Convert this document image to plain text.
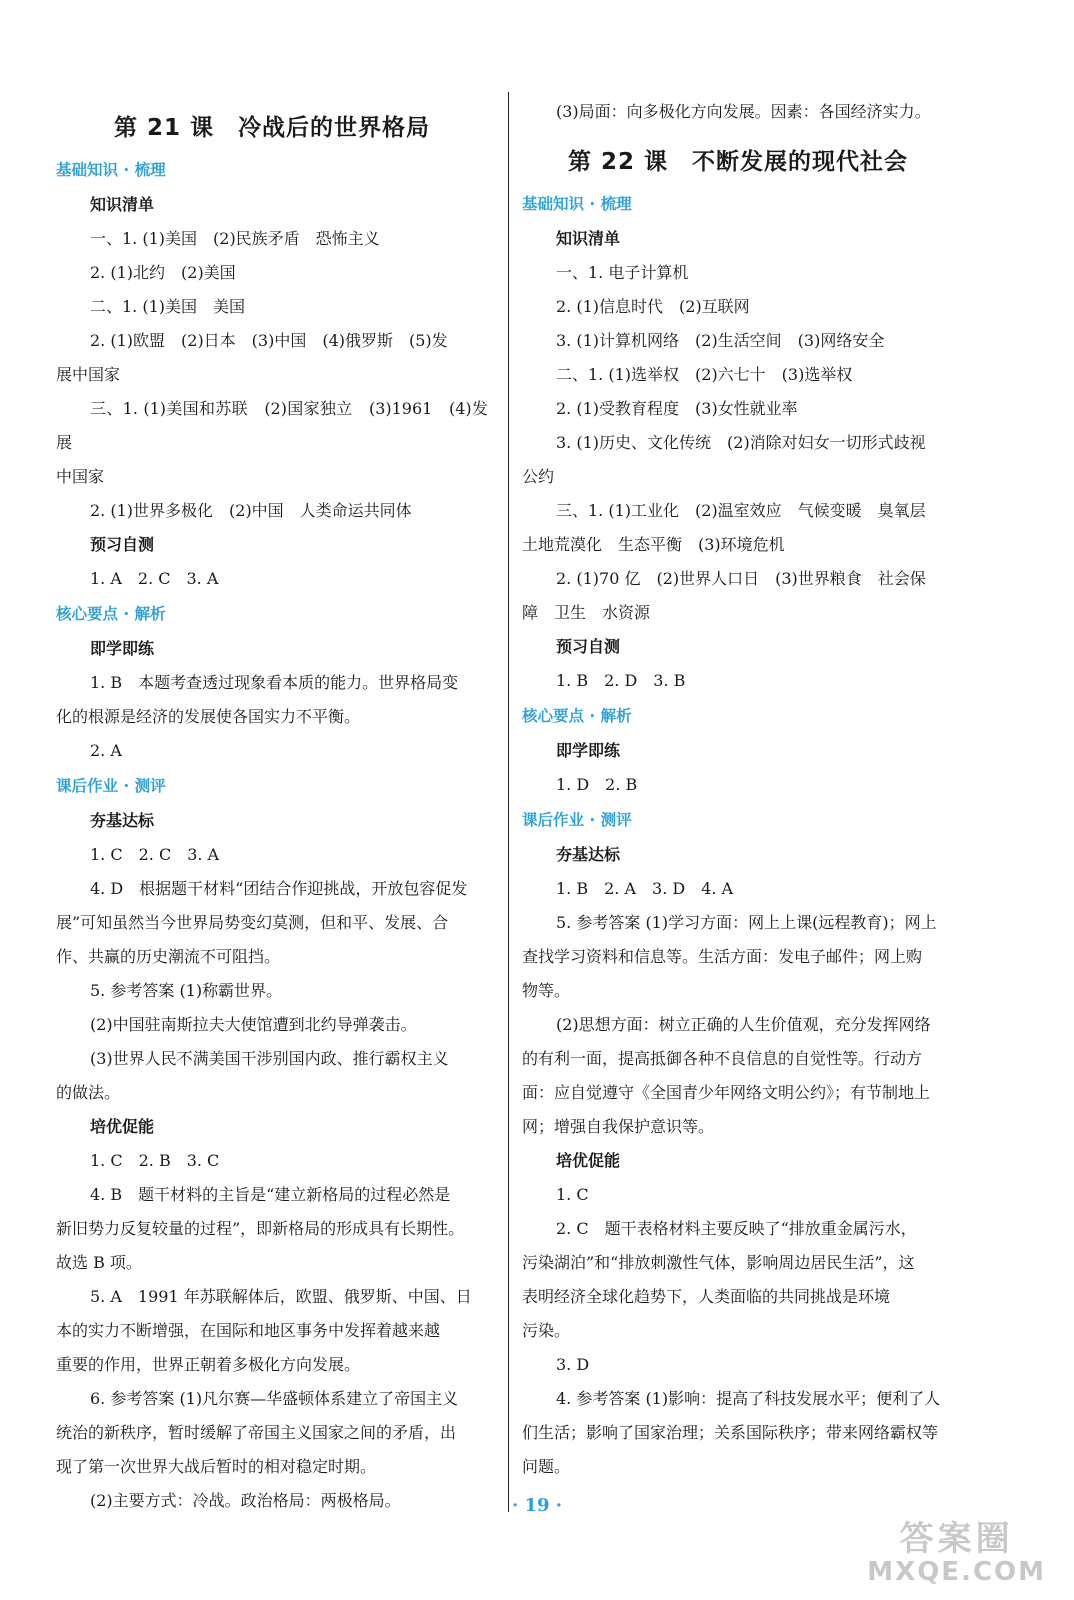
第 21 课　冷战后的世界格局
基础知识 · 梳理
知识清单
一、1. (1)美国　(2)民族矛盾　恐怖主义
2. (1)北约　(2)美国
二、1. (1)美国　美国
2. (1)欧盟　(2)日本　(3)中国　(4)俄罗斯　(5)发
展中国家
三、1. (1)美国和苏联　(2)国家独立　(3)1961　(4)发展
中国家
2. (1)世界多极化　(2)中国　人类命运共同体
预习自测
1. A　2. C　3. A
核心要点 · 解析
即学即练
1. B　本题考查透过现象看本质的能力。世界格局变
化的根源是经济的发展使各国实力不平衡。
2. A
课后作业 · 测评
夯基达标
1. C　2. C　3. A
4. D　根据题干材料“团结合作迎挑战，开放包容促发
展”可知虽然当今世界局势变幻莫测，但和平、发展、合
作、共赢的历史潮流不可阻挡。
5. 参考答案 (1)称霸世界。
(2)中国驻南斯拉夫大使馆遭到北约导弹袭击。
(3)世界人民不满美国干涉别国内政、推行霸权主义
的做法。
培优促能
1. C　2. B　3. C
4. B　题干材料的主旨是“建立新格局的过程必然是
新旧势力反复较量的过程”，即新格局的形成具有长期性。
故选 B 项。
5. A　1991 年苏联解体后，欧盟、俄罗斯、中国、日
本的实力不断增强，在国际和地区事务中发挥着越来越
重要的作用，世界正朝着多极化方向发展。
6. 参考答案 (1)凡尔赛—华盛顿体系建立了帝国主义
统治的新秩序，暂时缓解了帝国主义国家之间的矛盾，出
现了第一次世界大战后暂时的相对稳定时期。
(2)主要方式：冷战。政治格局：两极格局。
(3)局面：向多极化方向发展。因素：各国经济实力。
第 22 课　不断发展的现代社会
基础知识 · 梳理
知识清单
一、1. 电子计算机
2. (1)信息时代　(2)互联网
3. (1)计算机网络　(2)生活空间　(3)网络安全
二、1. (1)选举权　(2)六七十　(3)选举权
2. (1)受教育程度　(3)女性就业率
3. (1)历史、文化传统　(2)消除对妇女一切形式歧视
公约
三、1. (1)工业化　(2)温室效应　气候变暖　臭氧层
土地荒漠化　生态平衡　(3)环境危机
2. (1)70 亿　(2)世界人口日　(3)世界粮食　社会保
障　卫生　水资源
预习自测
1. B　2. D　3. B
核心要点 · 解析
即学即练
1. D　2. B
课后作业 · 测评
夯基达标
1. B　2. A　3. D　4. A
5. 参考答案 (1)学习方面：网上上课(远程教育)；网上
查找学习资料和信息等。生活方面：发电子邮件；网上购
物等。
(2)思想方面：树立正确的人生价值观，充分发挥网络
的有利一面，提高抵御各种不良信息的自觉性等。行动方
面：应自觉遵守《全国青少年网络文明公约》；有节制地上
网；增强自我保护意识等。
培优促能
1. C
2. C　题干表格材料主要反映了“排放重金属污水，
污染湖泊”和“排放刺激性气体，影响周边居民生活”，这
表明经济全球化趋势下，人类面临的共同挑战是环境
污染。
3. D
4. 参考答案 (1)影响：提高了科技发展水平；便利了人
们生活；影响了国家治理；关系国际秩序；带来网络霸权等
问题。
· 19 ·
答案圈
MXQE.COM
